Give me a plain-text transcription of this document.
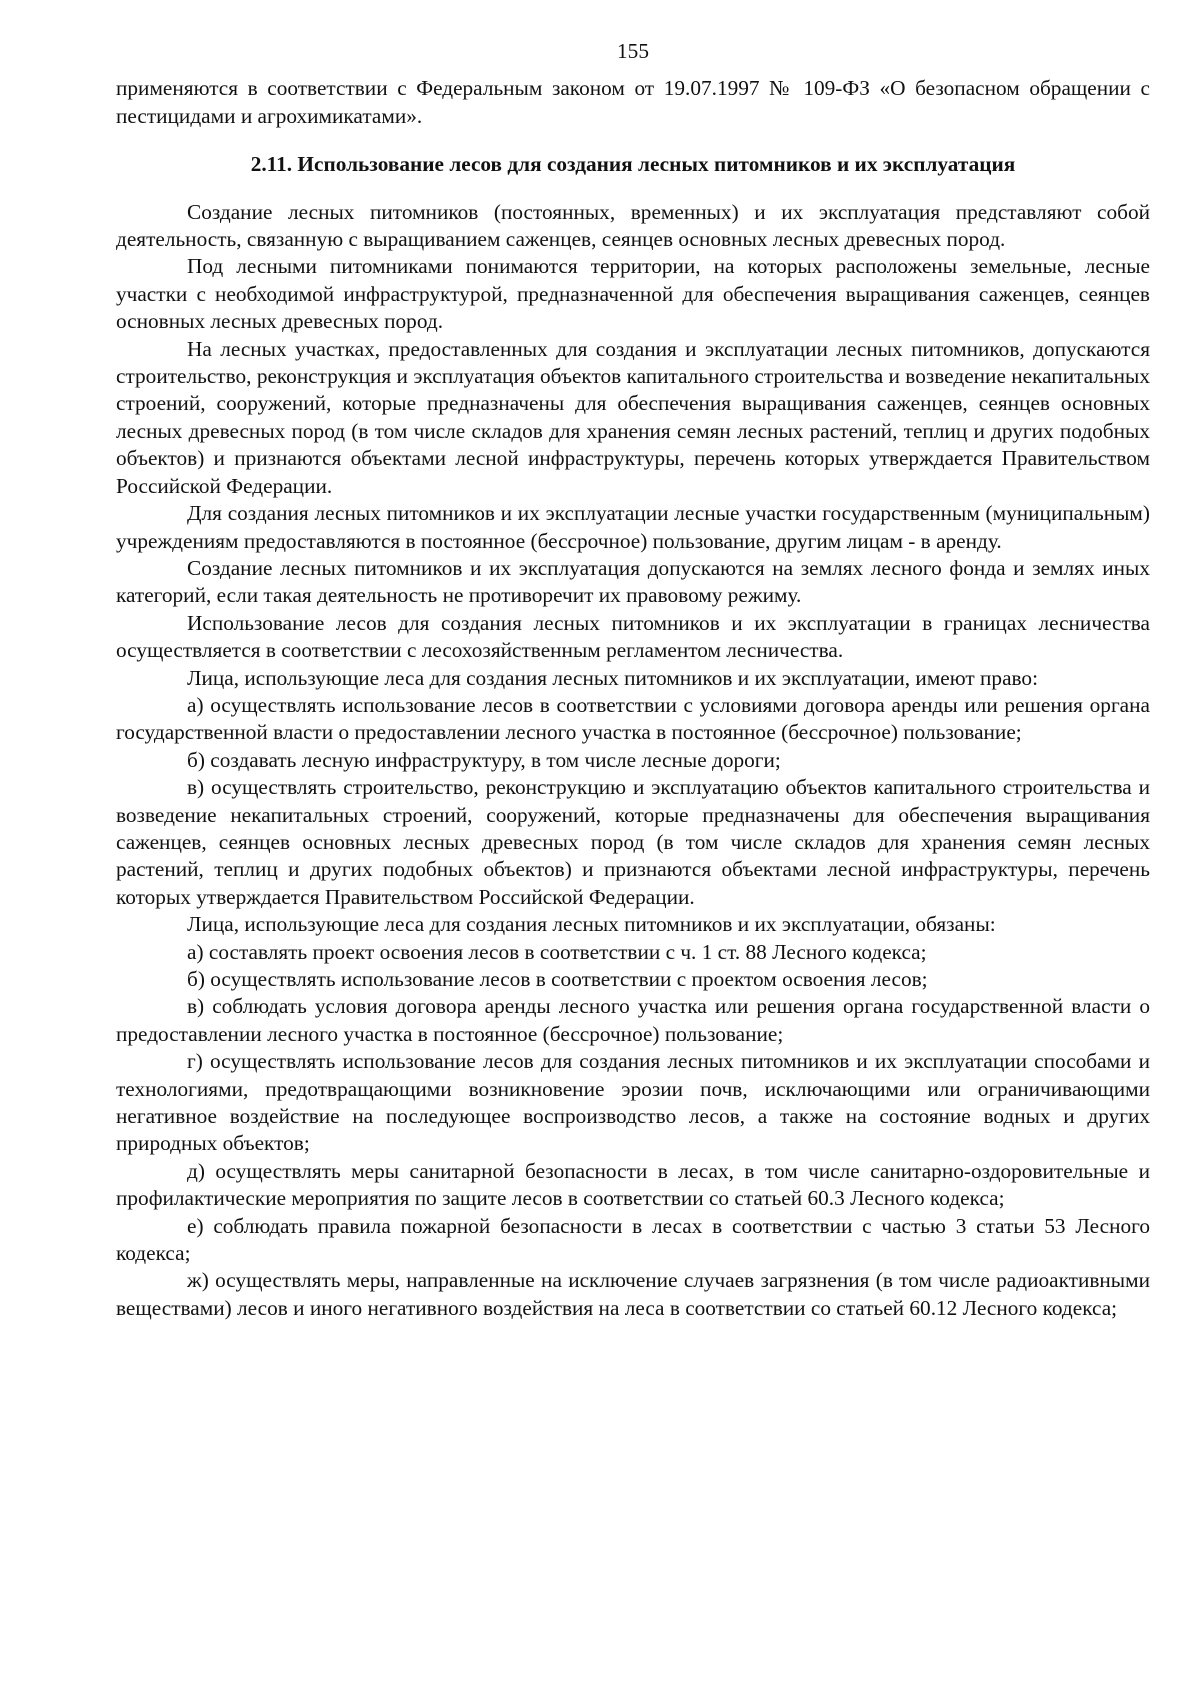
155

применяются в соответствии с Федеральным законом от 19.07.1997 № 109-ФЗ «О безопасном обращении с пестицидами и агрохимикатами».

2.11. Использование лесов для создания лесных питомников и их эксплуатация

Создание лесных питомников (постоянных, временных) и их эксплуатация представляют собой деятельность, связанную с выращиванием саженцев, сеянцев основных лесных древесных пород.

Под лесными питомниками понимаются территории, на которых расположены земельные, лесные участки с необходимой инфраструктурой, предназначенной для обеспечения выращивания саженцев, сеянцев основных лесных древесных пород.

На лесных участках, предоставленных для создания и эксплуатации лесных питомников, допускаются строительство, реконструкция и эксплуатация объектов капитального строительства и возведение некапитальных строений, сооружений, которые предназначены для обеспечения выращивания саженцев, сеянцев основных лесных древесных пород (в том числе складов для хранения семян лесных растений, теплиц и других подобных объектов) и признаются объектами лесной инфраструктуры, перечень которых утверждается Правительством Российской Федерации.

Для создания лесных питомников и их эксплуатации лесные участки государственным (муниципальным) учреждениям предоставляются в постоянное (бессрочное) пользование, другим лицам - в аренду.

Создание лесных питомников и их эксплуатация допускаются на землях лесного фонда и землях иных категорий, если такая деятельность не противоречит их правовому режиму.

Использование лесов для создания лесных питомников и их эксплуатации в границах лесничества осуществляется в соответствии с лесохозяйственным регламентом лесничества.

Лица, использующие леса для создания лесных питомников и их эксплуатации, имеют право:

а) осуществлять использование лесов в соответствии с условиями договора аренды или решения органа государственной власти о предоставлении лесного участка в постоянное (бессрочное) пользование;

б) создавать лесную инфраструктуру, в том числе лесные дороги;

в) осуществлять строительство, реконструкцию и эксплуатацию объектов капитального строительства и возведение некапитальных строений, сооружений, которые предназначены для обеспечения выращивания саженцев, сеянцев основных лесных древесных пород (в том числе складов для хранения семян лесных растений, теплиц и других подобных объектов) и признаются объектами лесной инфраструктуры, перечень которых утверждается Правительством Российской Федерации.

Лица, использующие леса для создания лесных питомников и их эксплуатации, обязаны:

а) составлять проект освоения лесов в соответствии с ч. 1 ст. 88 Лесного кодекса;

б) осуществлять использование лесов в соответствии с проектом освоения лесов;

в) соблюдать условия договора аренды лесного участка или решения органа государственной власти о предоставлении лесного участка в постоянное (бессрочное) пользование;

г) осуществлять использование лесов для создания лесных питомников и их эксплуатации способами и технологиями, предотвращающими возникновение эрозии почв, исключающими или ограничивающими негативное воздействие на последующее воспроизводство лесов, а также на состояние водных и других природных объектов;

д) осуществлять меры санитарной безопасности в лесах, в том числе санитарно-оздоровительные и профилактические мероприятия по защите лесов в соответствии со статьей 60.3 Лесного кодекса;

е) соблюдать правила пожарной безопасности в лесах в соответствии с частью 3 статьи 53 Лесного кодекса;

ж) осуществлять меры, направленные на исключение случаев загрязнения (в том числе радиоактивными веществами) лесов и иного негативного воздействия на леса в соответствии со статьей 60.12 Лесного кодекса;
